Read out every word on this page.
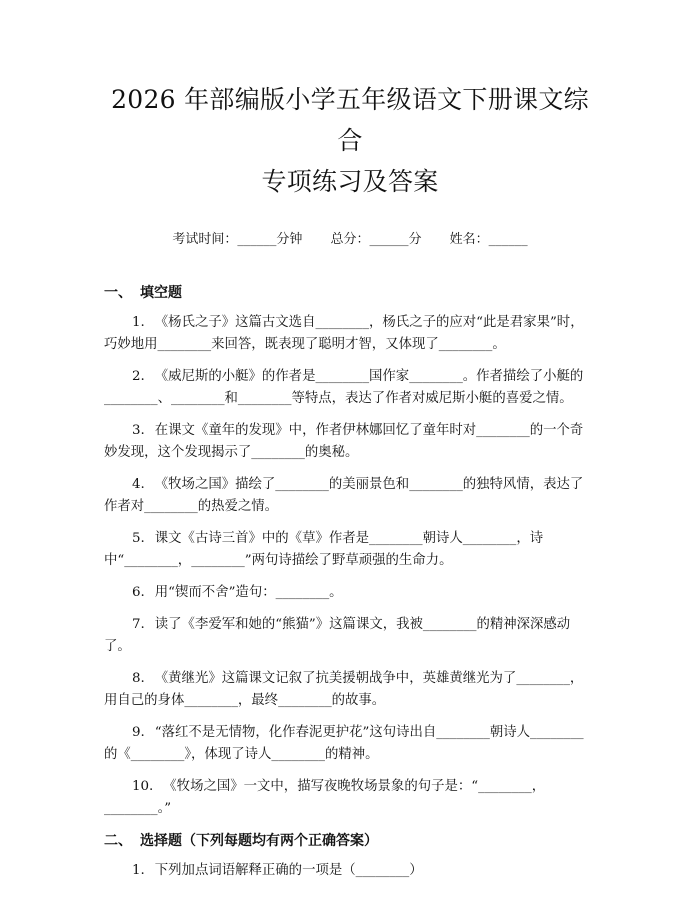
2026 年部编版小学五年级语文下册课文综合
专项练习及答案
考试时间：______分钟 总分：______分 姓名：______
一、 填空题

1. 《杨氏之子》这篇古文选自________，杨氏之子的应对“此是君家果”时，巧妙地用________来回答，既表现了聪明才智，又体现了________。

2. 《威尼斯的小艇》的作者是________国作家________。作者描绘了小艇的________、________和________等特点，表达了作者对威尼斯小艇的喜爱之情。

3. 在课文《童年的发现》中，作者伊林娜回忆了童年时对________的一个奇妙发现，这个发现揭示了________的奥秘。

4. 《牧场之国》描绘了________的美丽景色和________的独特风情，表达了作者对________的热爱之情。

5. 课文《古诗三首》中的《草》作者是________朝诗人________，诗中“________，________”两句诗描绘了野草顽强的生命力。

6. 用“锲而不舍”造句：________。

7. 读了《李爱军和她的“熊猫”》这篇课文，我被________的精神深深感动了。

8. 《黄继光》这篇课文记叙了抗美援朝战争中，英雄黄继光为了________，用自己的身体________，最终________的故事。

9. “落红不是无情物，化作春泥更护花”这句诗出自________朝诗人________的《________》，体现了诗人________的精神。

10. 《牧场之国》一文中，描写夜晚牧场景象的句子是：“________，________。”

二、 选择题（下列每题均有两个正确答案）

1. 下列加点词语解释正确的一项是（________）
